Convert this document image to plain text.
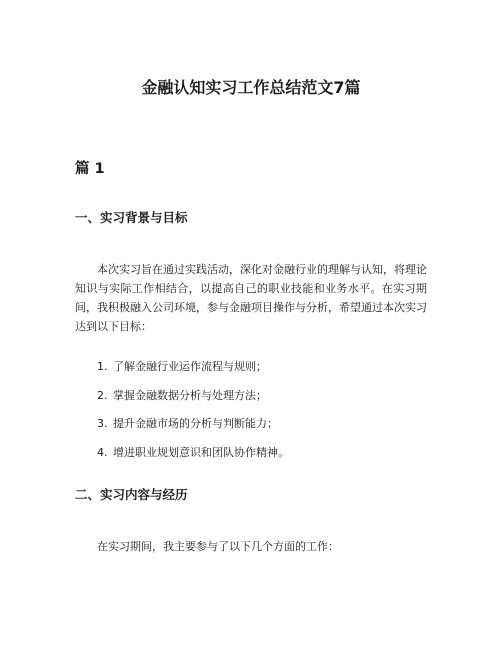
金融认知实习工作总结范文7篇
篇 1
一、实习背景与目标

本次实习旨在通过实践活动，深化对金融行业的理解与认知，将理论知识与实际工作相结合，以提高自己的职业技能和业务水平。在实习期间，我积极融入公司环境，参与金融项目操作与分析，希望通过本次实习达到以下目标：

1. 了解金融行业运作流程与规则；
2. 掌握金融数据分析与处理方法；
3. 提升金融市场的分析与判断能力；
4. 增进职业规划意识和团队协作精神。
二、实习内容与经历

在实习期间，我主要参与了以下几个方面的工作：
